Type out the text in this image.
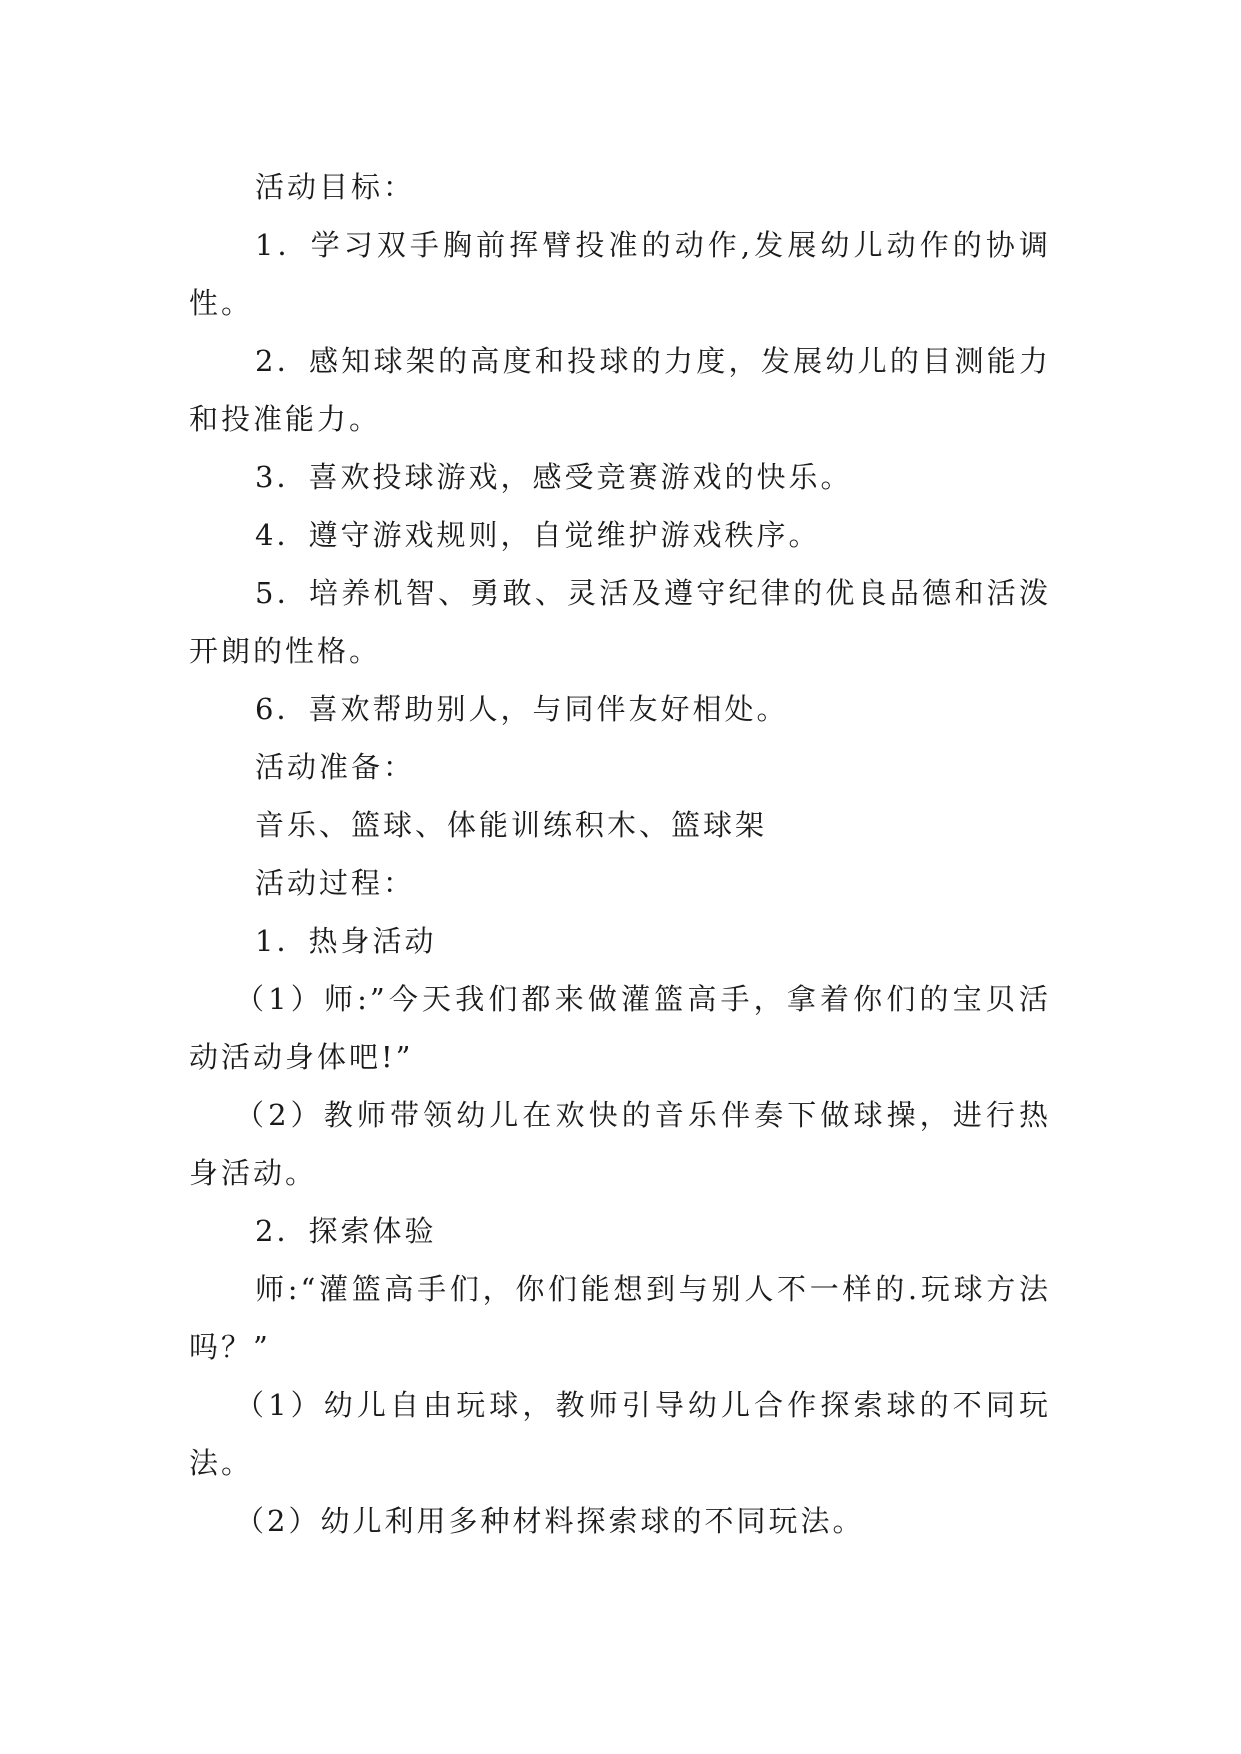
活动目标：

1．学习双手胸前挥臂投准的动作,发展幼儿动作的协调性。

2．感知球架的高度和投球的力度，发展幼儿的目测能力和投准能力。

3．喜欢投球游戏，感受竞赛游戏的快乐。

4．遵守游戏规则，自觉维护游戏秩序。

5．培养机智、勇敢、灵活及遵守纪律的优良品德和活泼开朗的性格。

6．喜欢帮助别人，与同伴友好相处。

活动准备：

音乐、篮球、体能训练积木、篮球架

活动过程：

1．热身活动

（1）师:”今天我们都来做灌篮高手，拿着你们的宝贝活动活动身体吧!”

（2）教师带领幼儿在欢快的音乐伴奏下做球操，进行热身活动。

2．探索体验

师:“灌篮高手们，你们能想到与别人不一样的.玩球方法吗？”

（1）幼儿自由玩球，教师引导幼儿合作探索球的不同玩法。

（2）幼儿利用多种材料探索球的不同玩法。
